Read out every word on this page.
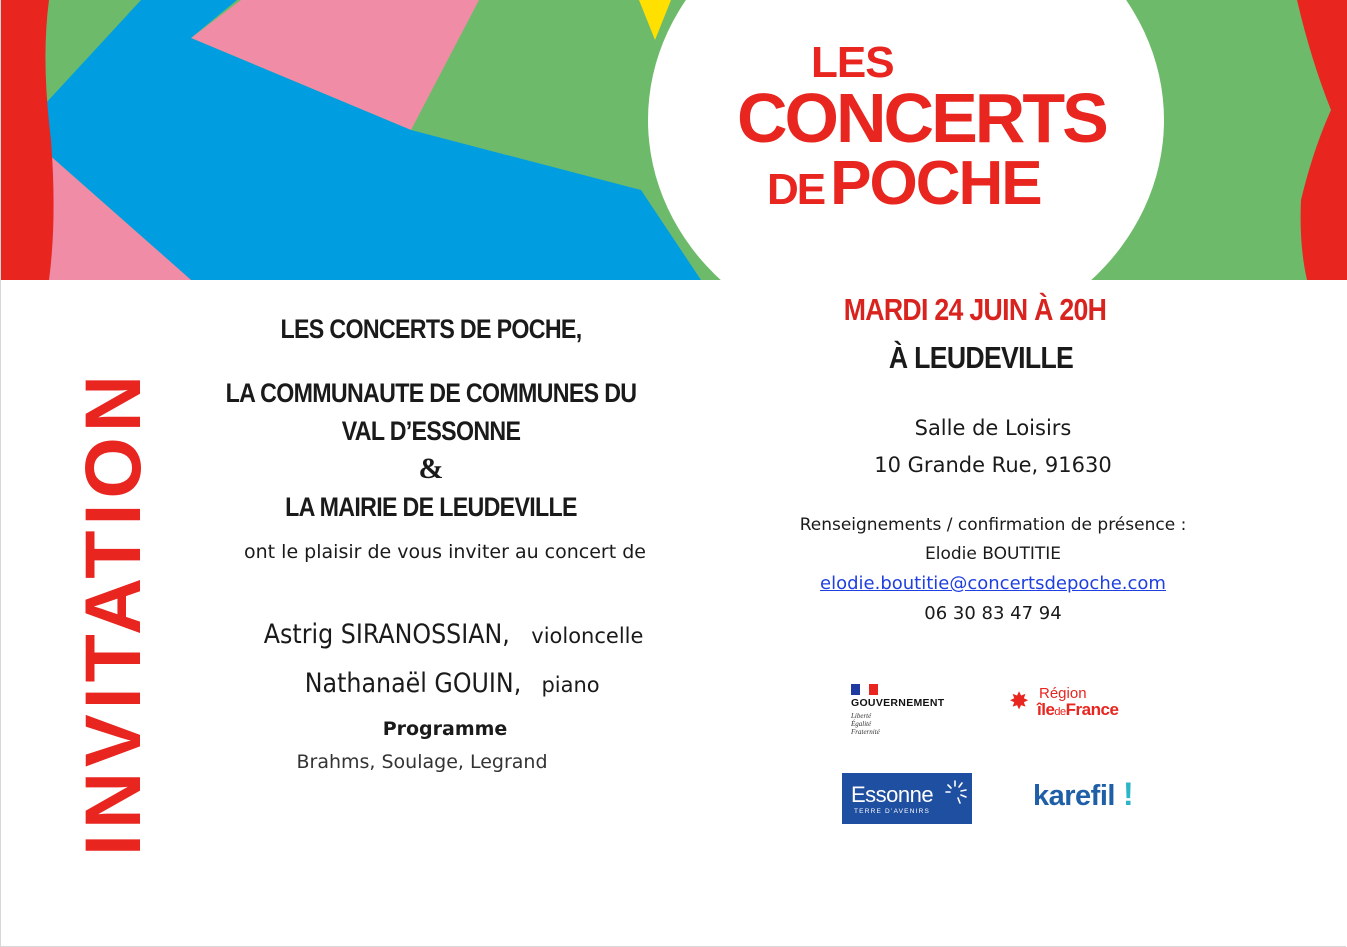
LES
CONCERTS
DEPOCHE
INVITATION
LES CONCERTS DE POCHE,
LA COMMUNAUTE DE COMMUNES DU VAL D’ESSONNE
&
LA MAIRIE DE LEUDEVILLE
ont le plaisir de vous inviter au concert de
Astrig SIRANOSSIAN, violoncelle
Nathanaël GOUIN, piano
Programme
Brahms, Soulage, Legrand
MARDI 24 JUIN À 20H
À LEUDEVILLE
Salle de Loisirs
10 Grande Rue, 91630
Renseignements / confirmation de présence :
Elodie BOUTITIE
elodie.boutitie@concertsdepoche.com
06 30 83 47 94
GOUVERNEMENT
Liberté
Égalité
Fraternité
✸ Région
îledeFrance
Essonne
TERRE D’AVENIRS	karefil !
